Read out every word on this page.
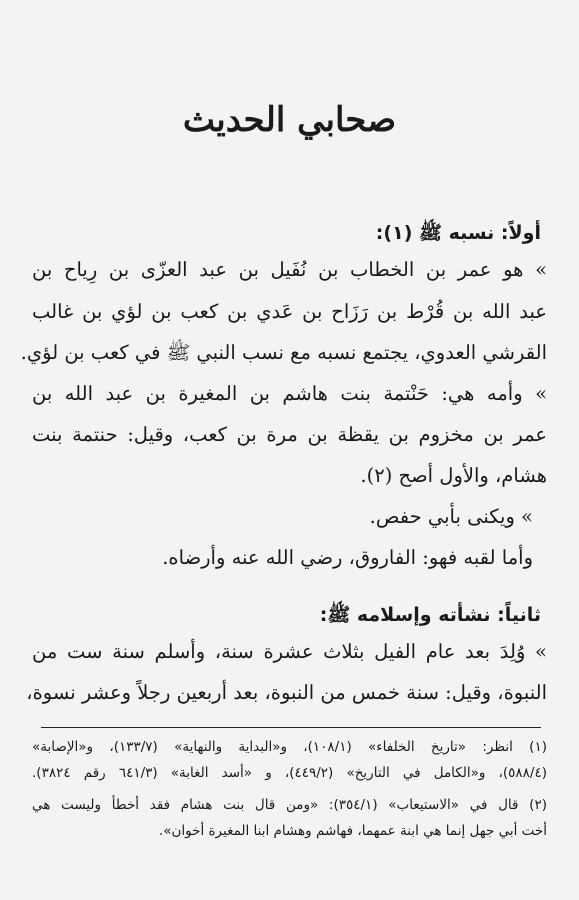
صحابي الحديث
أولاً: نسبه ﷺ (١):
» هو عمر بن الخطاب بن نُفَيل بن عبد العزّى بن رِياح بن
عبد الله بن قُرْط بن رَزَاح بن عَدي بن كعب بن لؤي بن غالب
القرشي العدوي، يجتمع نسبه مع نسب النبي ﷺ في كعب بن لؤي.
» وأمه هي: حَنْتمة بنت هاشم بن المغيرة بن عبد الله بن
عمر بن مخزوم بن يقظة بن مرة بن كعب، وقيل: حنتمة بنت
هشام، والأول أصح (٢).
» ويكنى بأبي حفص.
وأما لقبه فهو: الفاروق، رضي الله عنه وأرضاه.
ثانياً: نشأته وإسلامه ﷺ:
» وُلِدَ بعد عام الفيل بثلاث عشرة سنة، وأسلم سنة ست من
النبوة، وقيل: سنة خمس من النبوة، بعد أربعين رجلاً وعشر نسوة،
(١) انظر: «تاريخ الخلفاء» (١٠٨/١)، و«البداية والنهاية» (١٣٣/٧)، و«الإصابة»
(٥٨٨/٤)، و«الكامل في التاريخ» (٤٤٩/٢)، و «أسد الغابة» (٦٤١/٣ رقم ٣٨٢٤).
(٢) قال في «الاستيعاب» (٣٥٤/١): «ومن قال بنت هشام فقد أخطأ وليست هي
أخت أبي جهل إنما هي ابنة عمهما، فهاشم وهشام ابنا المغيرة أخوان».
